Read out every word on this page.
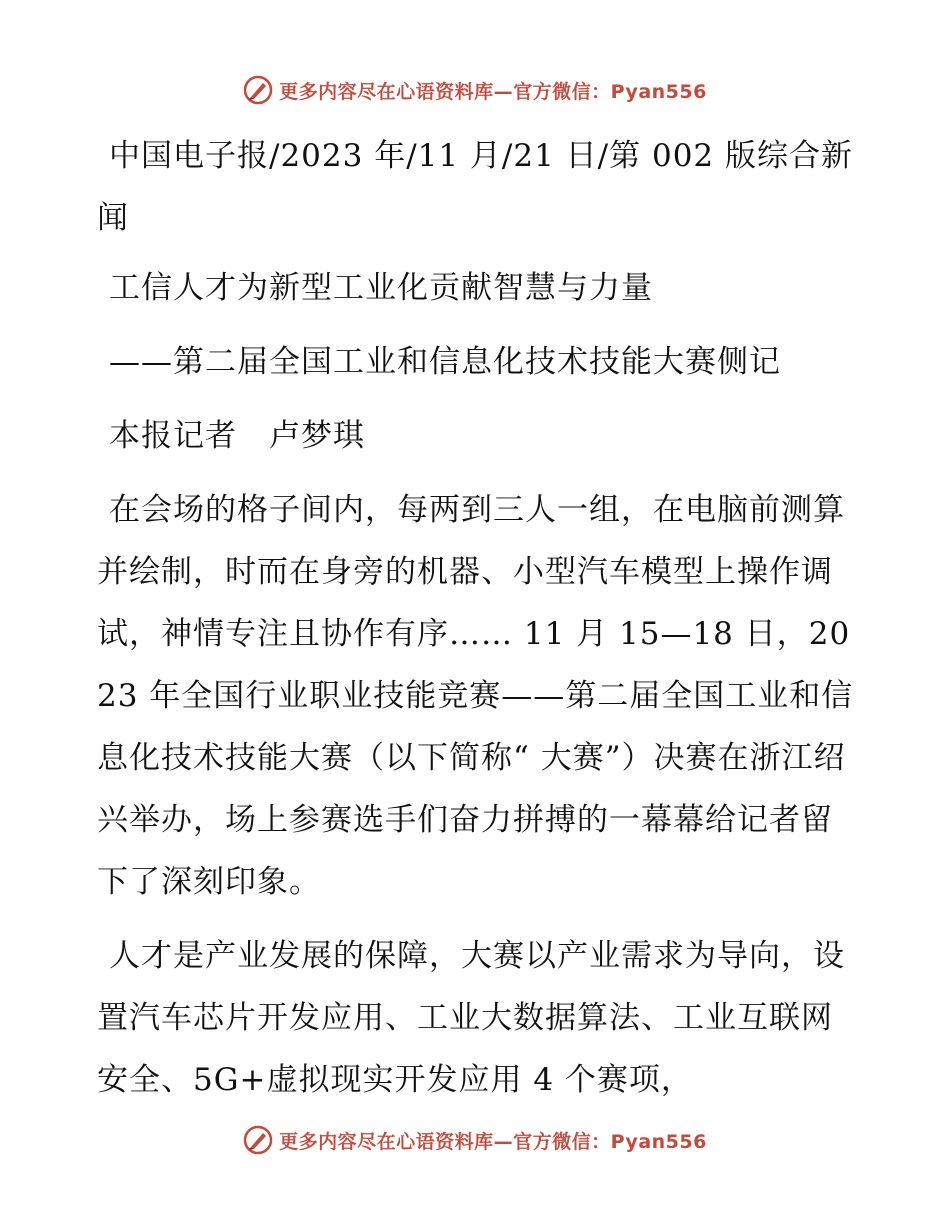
更多内容尽在心语资料库—官方微信：Pyan556

中国电子报/2023 年/11 月/21 日/第 002 版综合新闻

工信人才为新型工业化贡献智慧与力量

——第二届全国工业和信息化技术技能大赛侧记

本报记者　卢梦琪

在会场的格子间内，每两到三人一组，在电脑前测算并绘制，时而在身旁的机器、小型汽车模型上操作调试，神情专注且协作有序…… 11 月 15—18 日，2023 年全国行业职业技能竞赛——第二届全国工业和信息化技术技能大赛（以下简称“ 大赛”）决赛在浙江绍兴举办，场上参赛选手们奋力拼搏的一幕幕给记者留下了深刻印象。

人才是产业发展的保障，大赛以产业需求为导向，设置汽车芯片开发应用、工业大数据算法、工业互联网安全、5G+虚拟现实开发应用 4 个赛项，

更多内容尽在心语资料库—官方微信：Pyan556
